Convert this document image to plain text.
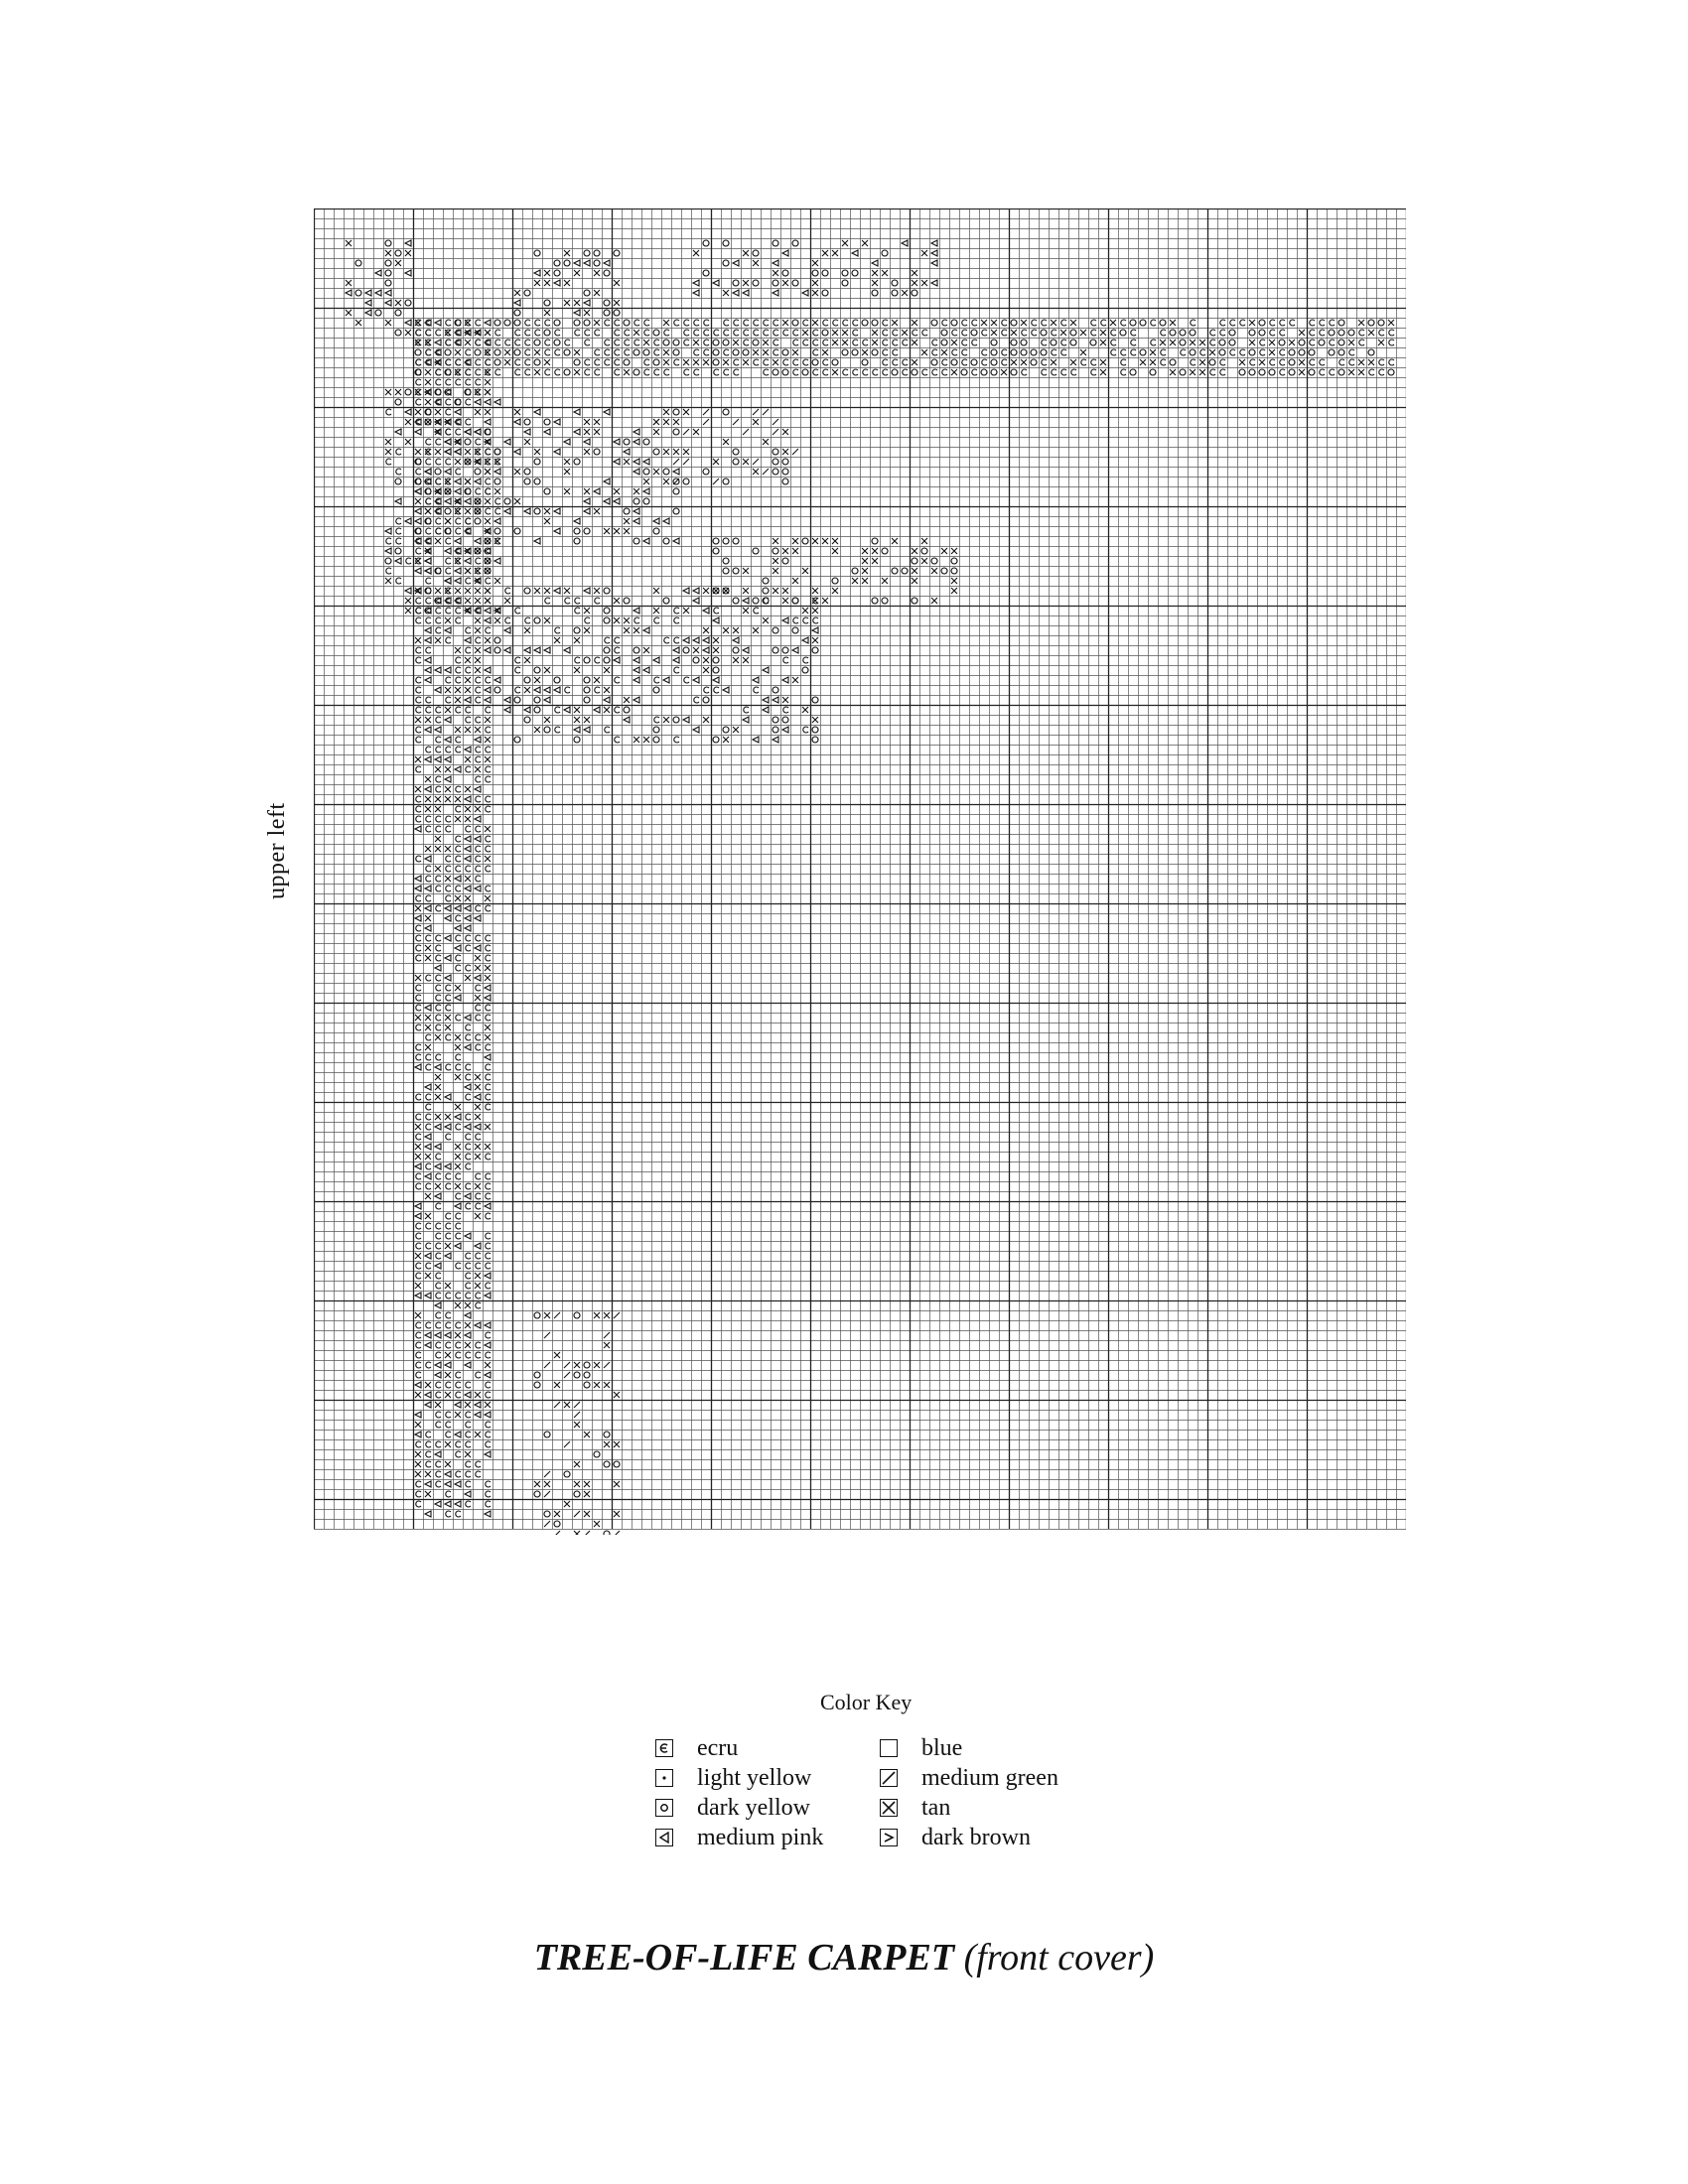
upper left
Color Key
ecru
light yellow
dark yellow
medium pink
blue
medium green
tan
dark brown
TREE-OF-LIFE CARPET (front cover)
